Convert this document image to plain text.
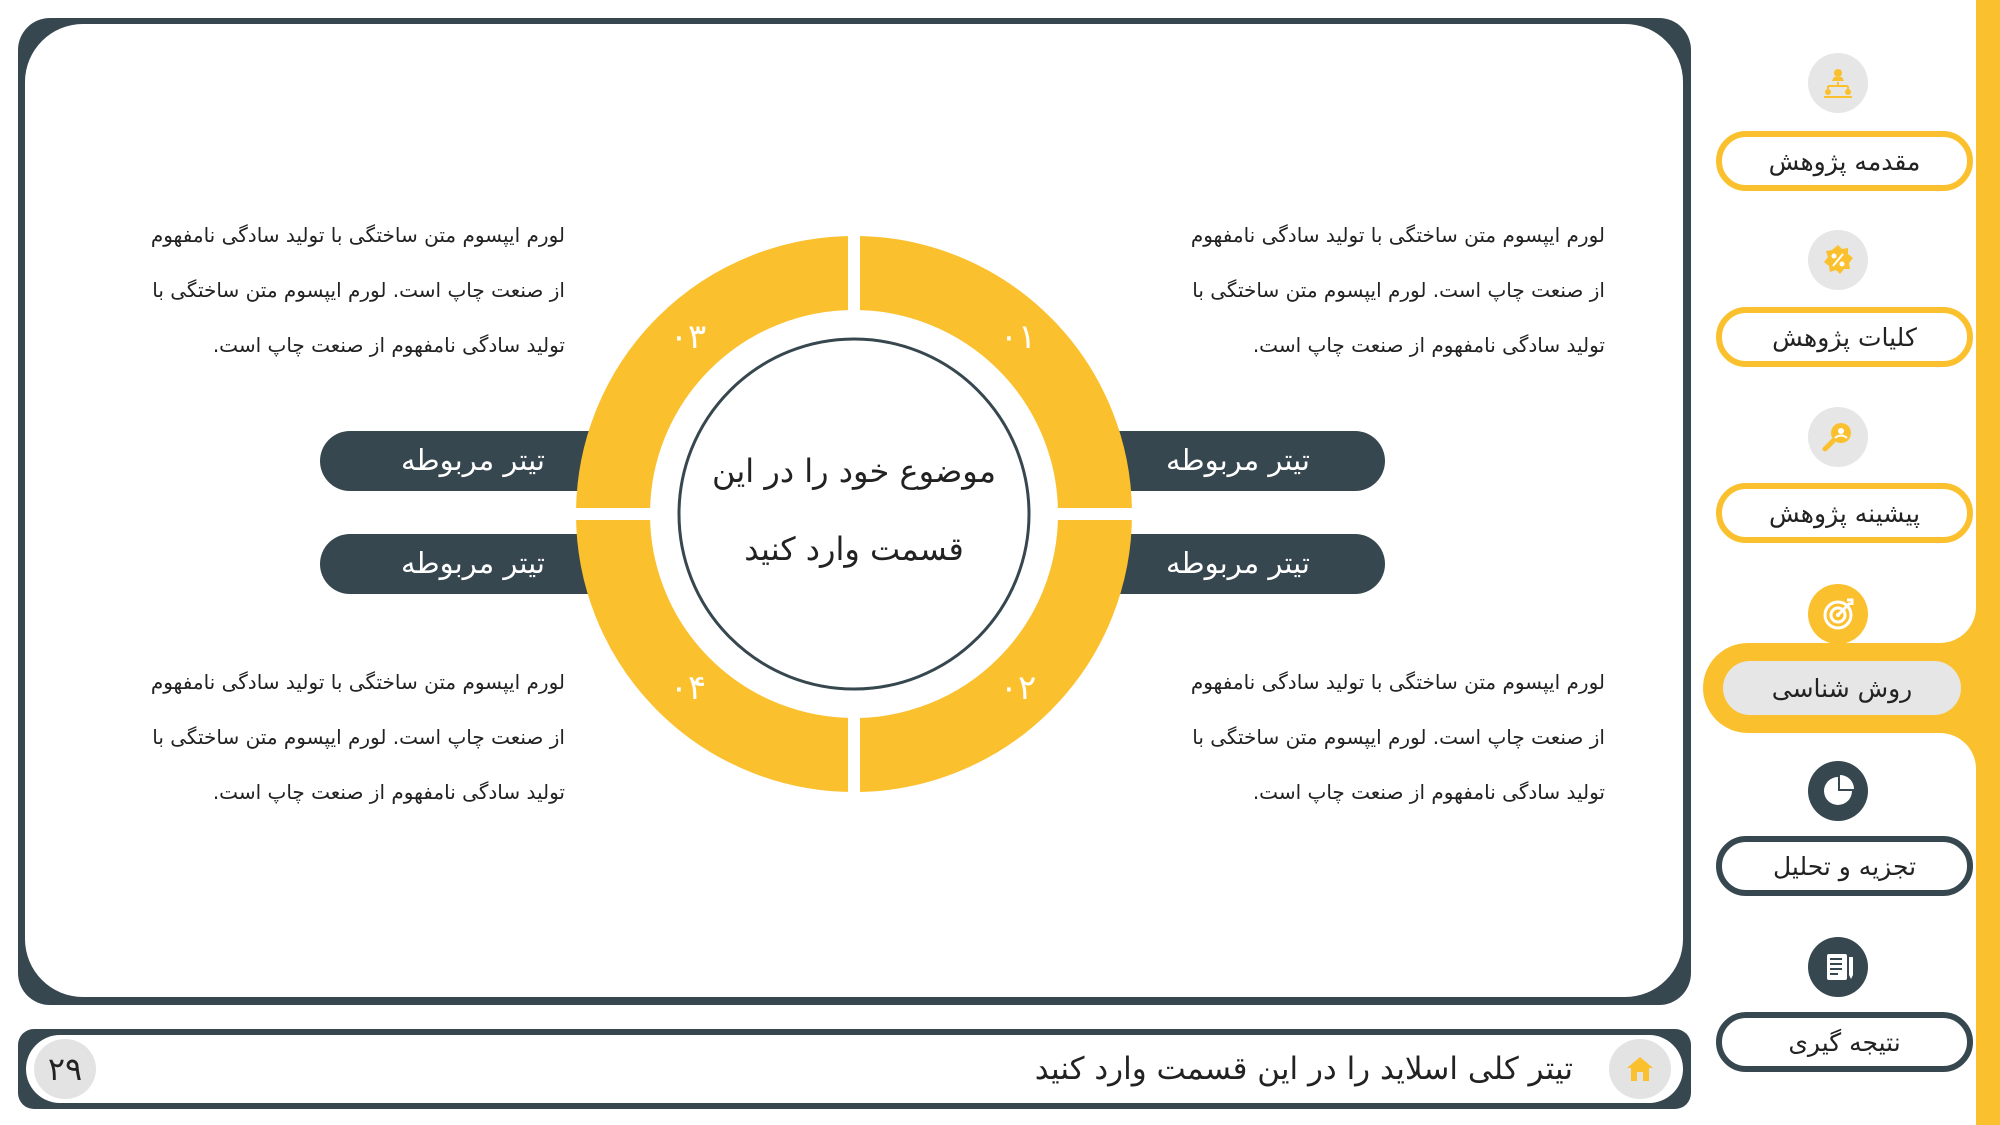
لورم ایپسوم متن ساختگی با تولید سادگی نامفهوم
از صنعت چاپ است. لورم ایپسوم متن ساختگی با
تولید سادگی نامفهوم از صنعت چاپ است.
لورم ایپسوم متن ساختگی با تولید سادگی نامفهوم
از صنعت چاپ است. لورم ایپسوم متن ساختگی با
تولید سادگی نامفهوم از صنعت چاپ است.
لورم ایپسوم متن ساختگی با تولید سادگی نامفهوم
از صنعت چاپ است. لورم ایپسوم متن ساختگی با
تولید سادگی نامفهوم از صنعت چاپ است.
لورم ایپسوم متن ساختگی با تولید سادگی نامفهوم
از صنعت چاپ است. لورم ایپسوم متن ساختگی با
تولید سادگی نامفهوم از صنعت چاپ است.
تیتر مربوطه
تیتر مربوطه
تیتر مربوطه
تیتر مربوطه
۰۱
۰۲
۰۳
۰۴
موضوع خود را در این
قسمت وارد کنید
۲۹	تیتر کلی اسلاید را در این قسمت وارد کنید
مقدمه پژوهش
کلیات پژوهش
پیشینه پژوهش
روش شناسی
تجزیه و تحلیل
نتیجه گیری
